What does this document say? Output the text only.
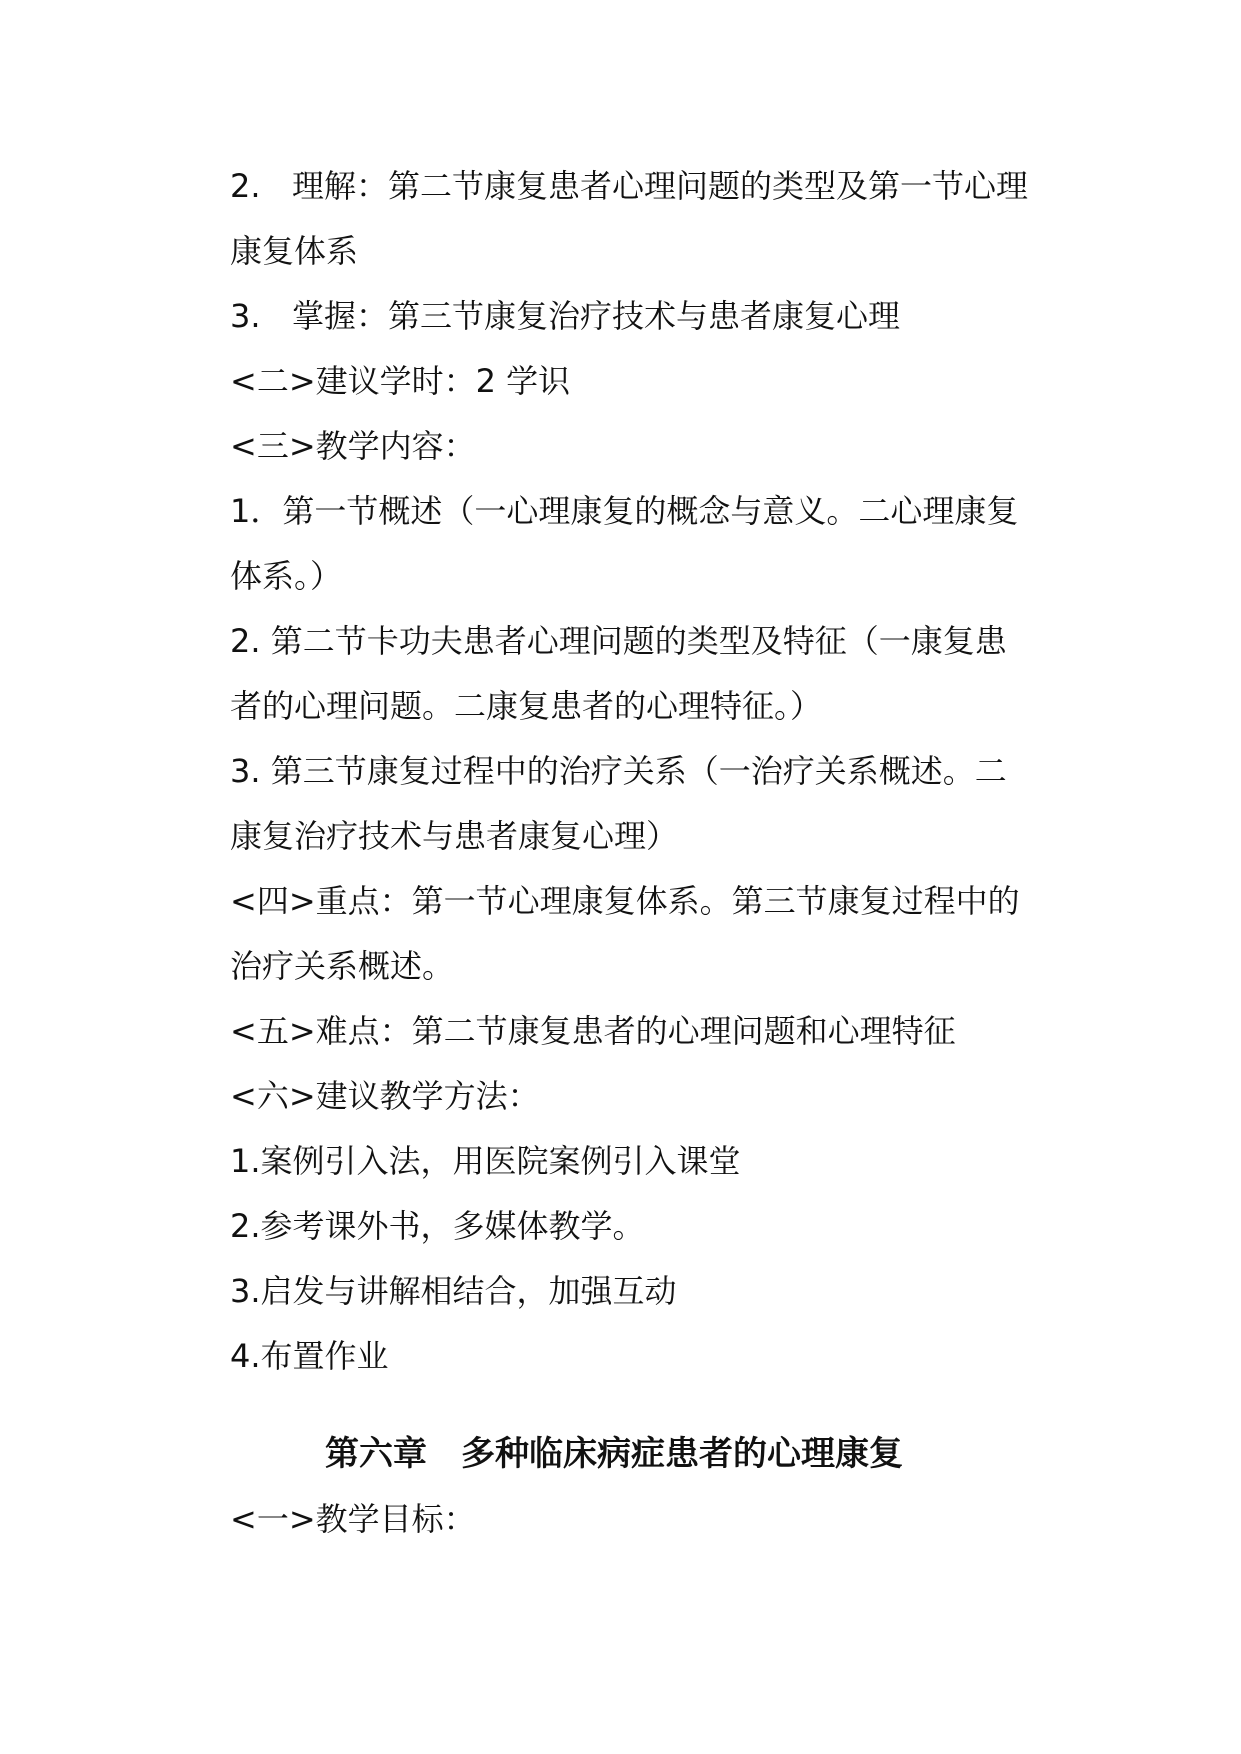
2. 理解：第二节康复患者心理问题的类型及第一节心理
康复体系
3. 掌握：第三节康复治疗技术与患者康复心理
<二>建议学时：2 学识
<三>教学内容：
1．第一节概述（一心理康复的概念与意义。二心理康复
体系。）
2. 第二节卡功夫患者心理问题的类型及特征（一康复患
者的心理问题。二康复患者的心理特征。）
3. 第三节康复过程中的治疗关系（一治疗关系概述。二
康复治疗技术与患者康复心理）
<四>重点：第一节心理康复体系。第三节康复过程中的
治疗关系概述。
<五>难点：第二节康复患者的心理问题和心理特征
<六>建议教学方法：
1.案例引入法，用医院案例引入课堂
2.参考课外书，多媒体教学。
3.启发与讲解相结合，加强互动
4.布置作业
第六章　多种临床病症患者的心理康复
<一>教学目标：
